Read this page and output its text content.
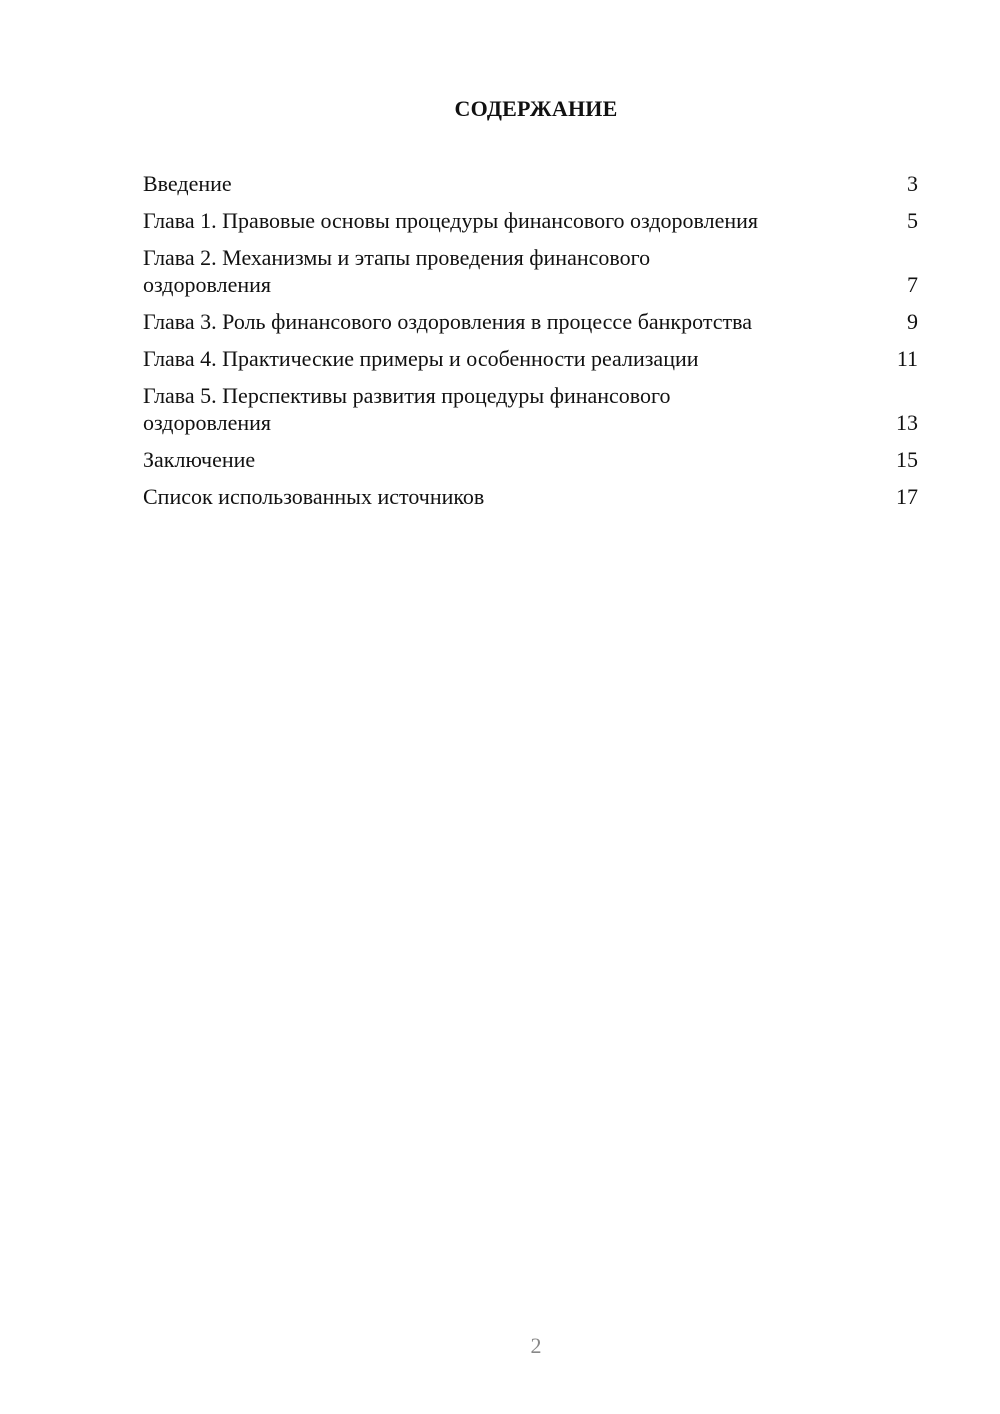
СОДЕРЖАНИЕ
Введение	3
Глава 1. Правовые основы процедуры финансового оздоровления	5
Глава 2. Механизмы и этапы проведения финансового оздоровления	7
Глава 3. Роль финансового оздоровления в процессе банкротства	9
Глава 4. Практические примеры и особенности реализации	11
Глава 5. Перспективы развития процедуры финансового оздоровления	13
Заключение	15
Список использованных источников	17
2
